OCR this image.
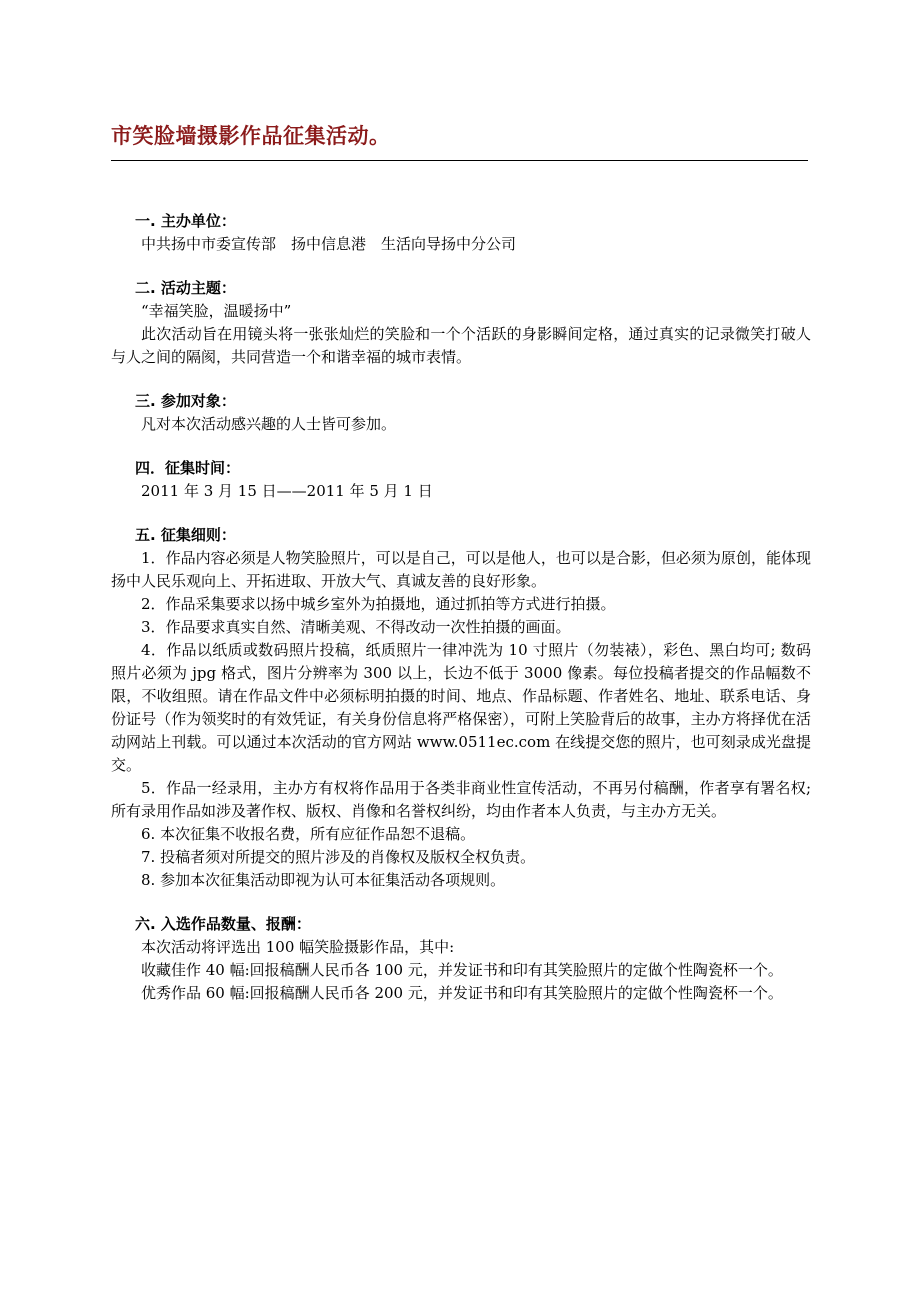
市笑脸墙摄影作品征集活动。
一. 主办单位：
中共扬中市委宣传部　扬中信息港　生活向导扬中分公司
二. 活动主题：
“幸福笑脸，温暖扬中”
此次活动旨在用镜头将一张张灿烂的笑脸和一个个活跃的身影瞬间定格，通过真实的记录微笑打破人与人之间的隔阂，共同营造一个和谐幸福的城市表情。
三. 参加对象：
凡对本次活动感兴趣的人士皆可参加。
四．征集时间：
2011 年 3 月 15 日——2011 年 5 月 1 日
五. 征集细则：
1．作品内容必须是人物笑脸照片，可以是自己，可以是他人，也可以是合影，但必须为原创，能体现扬中人民乐观向上、开拓进取、开放大气、真诚友善的良好形象。
2．作品采集要求以扬中城乡室外为拍摄地，通过抓拍等方式进行拍摄。
3．作品要求真实自然、清晰美观、不得改动一次性拍摄的画面。
4．作品以纸质或数码照片投稿，纸质照片一律冲洗为 10 寸照片（勿装裱），彩色、黑白均可; 数码照片必须为 jpg 格式，图片分辨率为 300 以上，长边不低于 3000 像素。每位投稿者提交的作品幅数不限，不收组照。请在作品文件中必须标明拍摄的时间、地点、作品标题、作者姓名、地址、联系电话、身份证号（作为领奖时的有效凭证，有关身份信息将严格保密），可附上笑脸背后的故事，主办方将择优在活动网站上刊载。可以通过本次活动的官方网站 www.0511ec.com 在线提交您的照片，也可刻录成光盘提交。
5．作品一经录用，主办方有权将作品用于各类非商业性宣传活动，不再另付稿酬，作者享有署名权; 所有录用作品如涉及著作权、版权、肖像和名誉权纠纷，均由作者本人负责，与主办方无关。
6. 本次征集不收报名费，所有应征作品恕不退稿。
7. 投稿者须对所提交的照片涉及的肖像权及版权全权负责。
8. 参加本次征集活动即视为认可本征集活动各项规则。
六. 入选作品数量、报酬：
本次活动将评选出 100 幅笑脸摄影作品，其中:
收藏佳作 40 幅:回报稿酬人民币各 100 元，并发证书和印有其笑脸照片的定做个性陶瓷杯一个。
优秀作品 60 幅:回报稿酬人民币各 200 元，并发证书和印有其笑脸照片的定做个性陶瓷杯一个。
